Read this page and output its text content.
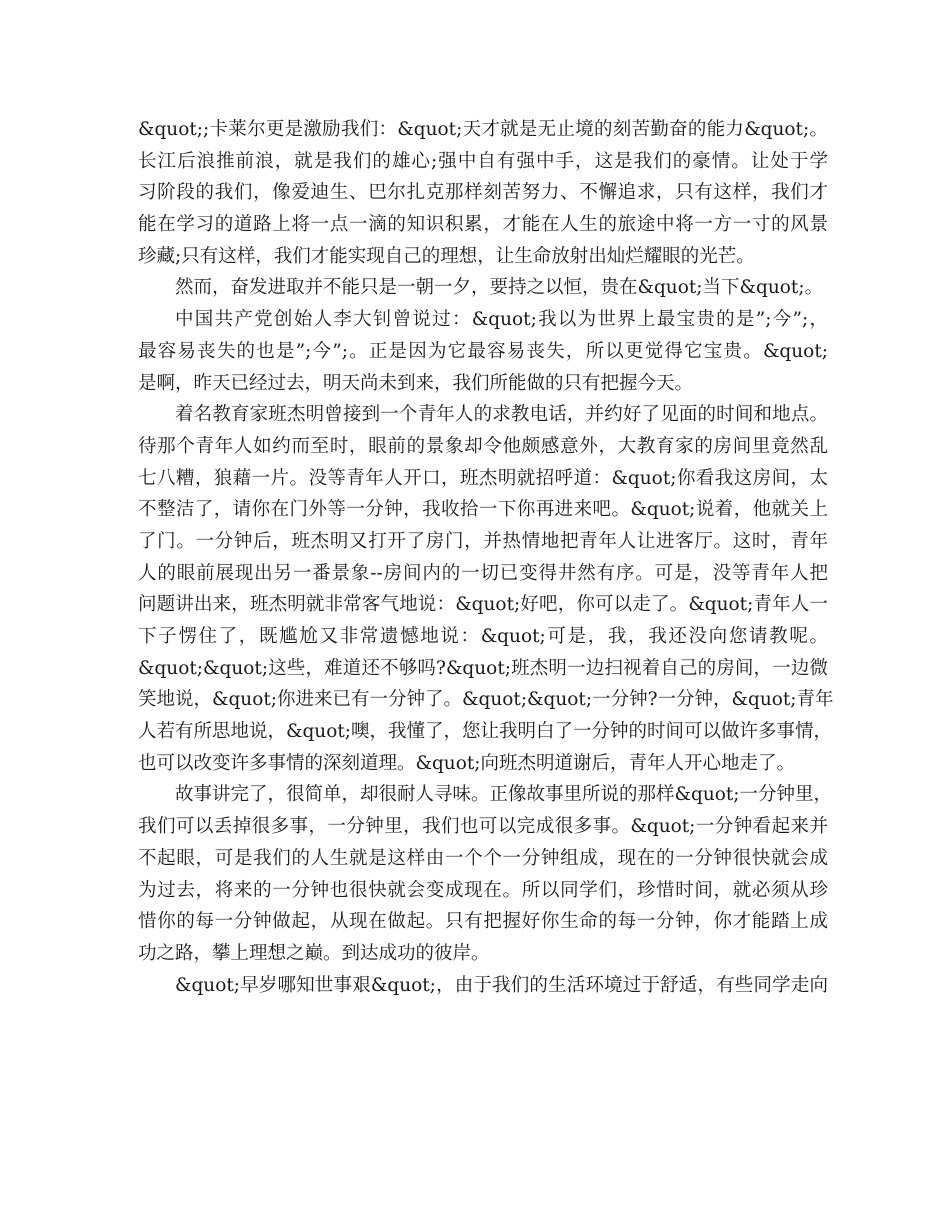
&quot;;卡莱尔更是激励我们：&quot;天才就是无止境的刻苦勤奋的能力&quot;。
长江后浪推前浪，就是我们的雄心;强中自有强中手，这是我们的豪情。让处于学
习阶段的我们，像爱迪生、巴尔扎克那样刻苦努力、不懈追求，只有这样，我们才
能在学习的道路上将一点一滴的知识积累，才能在人生的旅途中将一方一寸的风景
珍藏;只有这样，我们才能实现自己的理想，让生命放射出灿烂耀眼的光芒。
然而，奋发进取并不能只是一朝一夕，要持之以恒，贵在&quot;当下&quot;。
中国共产党创始人李大钊曾说过：&quot;我以为世界上最宝贵的是”;今”;，
最容易丧失的也是”;今”;。正是因为它最容易丧失，所以更觉得它宝贵。&quot;
是啊，昨天已经过去，明天尚未到来，我们所能做的只有把握今天。
着名教育家班杰明曾接到一个青年人的求教电话，并约好了见面的时间和地点。
待那个青年人如约而至时，眼前的景象却令他颇感意外，大教育家的房间里竟然乱
七八糟，狼藉一片。没等青年人开口，班杰明就招呼道：&quot;你看我这房间，太
不整洁了，请你在门外等一分钟，我收拾一下你再进来吧。&quot;说着，他就关上
了门。一分钟后，班杰明又打开了房门，并热情地把青年人让进客厅。这时，青年
人的眼前展现出另一番景象--房间内的一切已变得井然有序。可是，没等青年人把
问题讲出来，班杰明就非常客气地说：&quot;好吧，你可以走了。&quot;青年人一
下子愣住了，既尴尬又非常遗憾地说：&quot;可是，我，我还没向您请教呢。
&quot;&quot;这些，难道还不够吗?&quot;班杰明一边扫视着自己的房间，一边微
笑地说，&quot;你进来已有一分钟了。&quot;&quot;一分钟?一分钟，&quot;青年
人若有所思地说，&quot;噢，我懂了，您让我明白了一分钟的时间可以做许多事情，
也可以改变许多事情的深刻道理。&quot;向班杰明道谢后，青年人开心地走了。
故事讲完了，很简单，却很耐人寻味。正像故事里所说的那样&quot;一分钟里，
我们可以丢掉很多事，一分钟里，我们也可以完成很多事。&quot;一分钟看起来并
不起眼，可是我们的人生就是这样由一个个一分钟组成，现在的一分钟很快就会成
为过去，将来的一分钟也很快就会变成现在。所以同学们，珍惜时间，就必须从珍
惜你的每一分钟做起，从现在做起。只有把握好你生命的每一分钟，你才能踏上成
功之路，攀上理想之巅。到达成功的彼岸。
&quot;早岁哪知世事艰&quot;，由于我们的生活环境过于舒适，有些同学走向
